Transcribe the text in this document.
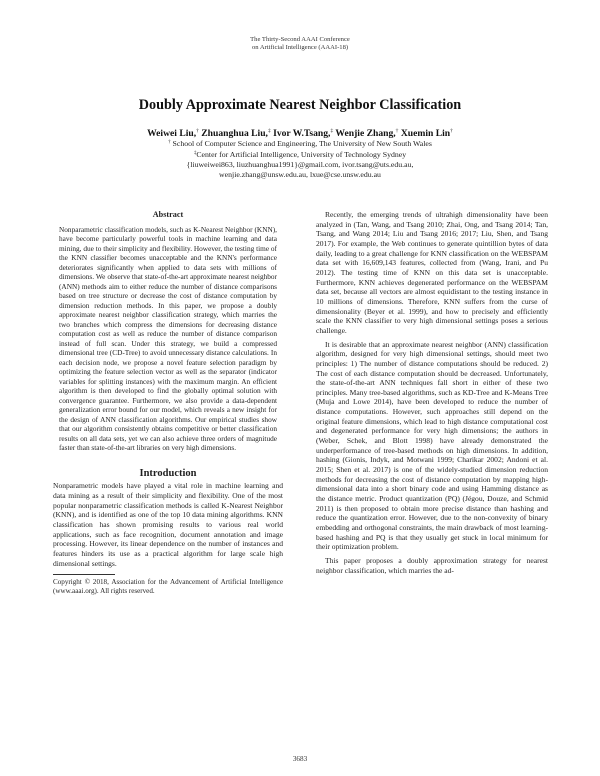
The Thirty-Second AAAI Conference
on Artificial Intelligence (AAAI-18)
Doubly Approximate Nearest Neighbor Classification
Weiwei Liu,† Zhuanghua Liu,‡ Ivor W.Tsang,‡ Wenjie Zhang,† Xuemin Lin†
† School of Computer Science and Engineering, The University of New South Wales
‡Center for Artificial Intelligence, University of Technology Sydney
{liuweiwei863, liuzhuanghua1991}@gmail.com, ivor.tsang@uts.edu.au,
wenjie.zhang@unsw.edu.au, lxue@cse.unsw.edu.au
Abstract

Nonparametric classification models, such as K-Nearest Neighbor (KNN), have become particularly powerful tools in machine learning and data mining, due to their simplicity and flexibility. However, the testing time of the KNN classifier becomes unacceptable and the KNN's performance deteriorates significantly when applied to data sets with millions of dimensions. We observe that state-of-the-art approximate nearest neighbor (ANN) methods aim to either reduce the number of distance comparisons based on tree structure or decrease the cost of distance computation by dimension reduction methods. In this paper, we propose a doubly approximate nearest neighbor classification strategy, which marries the two branches which compress the dimensions for decreasing distance computation cost as well as reduce the number of distance comparison instead of full scan. Under this strategy, we build a compressed dimensional tree (CD-Tree) to avoid unnecessary distance calculations. In each decision node, we propose a novel feature selection paradigm by optimizing the feature selection vector as well as the separator (indicator variables for splitting instances) with the maximum margin. An efficient algorithm is then developed to find the globally optimal solution with convergence guarantee. Furthermore, we also provide a data-dependent generalization error bound for our model, which reveals a new insight for the design of ANN classification algorithms. Our empirical studies show that our algorithm consistently obtains competitive or better classification results on all data sets, yet we can also achieve three orders of magnitude faster than state-of-the-art libraries on very high dimensions.

Introduction

Nonparametric models have played a vital role in machine learning and data mining as a result of their simplicity and flexibility. One of the most popular nonparametric classification methods is called K-Nearest Neighbor (KNN), and is identified as one of the top 10 data mining algorithms. KNN classification has shown promising results to various real world applications, such as face recognition, document annotation and image processing. However, its linear dependence on the number of instances and features hinders its use as a practical algorithm for large scale high dimensional settings.

Copyright © 2018, Association for the Advancement of Artificial Intelligence (www.aaai.org). All rights reserved.

Recently, the emerging trends of ultrahigh dimensionality have been analyzed in (Tan, Wang, and Tsang 2010; Zhai, Ong, and Tsang 2014; Tan, Tsang, and Wang 2014; Liu and Tsang 2016; 2017; Liu, Shen, and Tsang 2017). For example, the Web continues to generate quintillion bytes of data daily, leading to a great challenge for KNN classification on the WEBSPAM data set with 16,609,143 features, collected from (Wang, Irani, and Pu 2012). The testing time of KNN on this data set is unacceptable. Furthermore, KNN achieves degenerated performance on the WEBSPAM data set, because all vectors are almost equidistant to the testing instance in 10 millions of dimensions. Therefore, KNN suffers from the curse of dimensionality (Beyer et al. 1999), and how to precisely and efficiently scale the KNN classifier to very high dimensional settings poses a serious challenge.

It is desirable that an approximate nearest neighbor (ANN) classification algorithm, designed for very high dimensional settings, should meet two principles: 1) The number of distance computations should be reduced. 2) The cost of each distance computation should be decreased. Unfortunately, the state-of-the-art ANN techniques fall short in either of these two principles. Many tree-based algorithms, such as KD-Tree and K-Means Tree (Muja and Lowe 2014), have been developed to reduce the number of distance computations. However, such approaches still depend on the original feature dimensions, which lead to high distance computational cost and degenerated performance for very high dimensions; the authors in (Weber, Schek, and Blott 1998) have already demonstrated the underperformance of tree-based methods on high dimensions. In addition, hashing (Gionis, Indyk, and Motwani 1999; Charikar 2002; Andoni et al. 2015; Shen et al. 2017) is one of the widely-studied dimension reduction methods for decreasing the cost of distance computation by mapping high-dimensional data into a short binary code and using Hamming distance as the distance metric. Product quantization (PQ) (Jégou, Douze, and Schmid 2011) is then proposed to obtain more precise distance than hashing and reduce the quantization error. However, due to the non-convexity of binary embedding and orthogonal constraints, the main drawback of most learning-based hashing and PQ is that they usually get stuck in local minimum for their optimization problem.

This paper proposes a doubly approximation strategy for nearest neighbor classification, which marries the ad-

3683
